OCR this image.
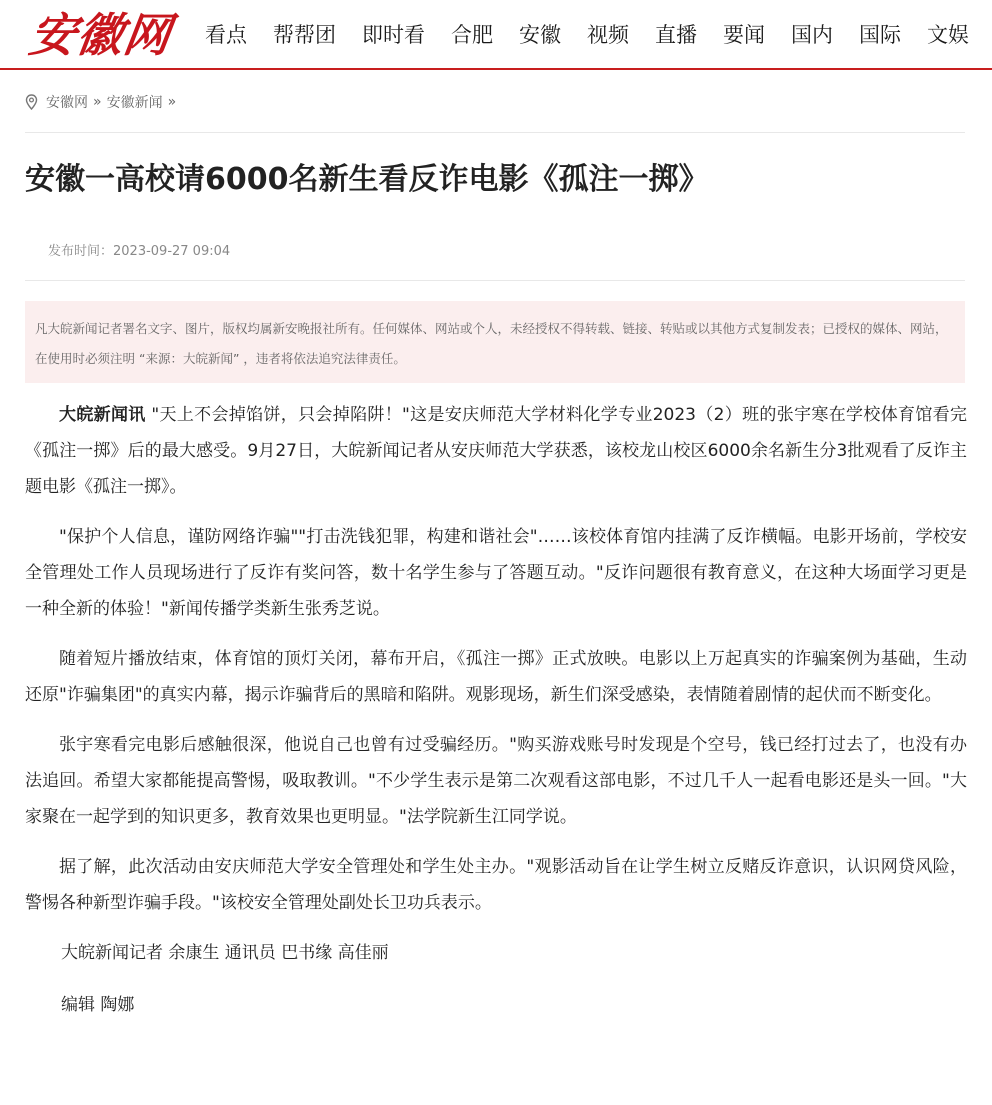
安徽网	看点	帮帮团	即时看	合肥	安徽	视频	直播	要闻	国内	国际	文娱
安徽网 » 安徽新闻 »
安徽一高校请6000名新生看反诈电影《孤注一掷》
发布时间：2023-09-27 09:04
凡大皖新闻记者署名文字、图片，版权均属新安晚报社所有。任何媒体、网站或个人，未经授权不得转载、链接、转贴或以其他方式复制发表；已授权的媒体、网站，在使用时必须注明 “来源：大皖新闻” ，违者将依法追究法律责任。

大皖新闻讯 "天上不会掉馅饼，只会掉陷阱！"这是安庆师范大学材料化学专业2023（2）班的张宇寒在学校体育馆看完《孤注一掷》后的最大感受。9月27日，大皖新闻记者从安庆师范大学获悉，该校龙山校区6000余名新生分3批观看了反诈主题电影《孤注一掷》。

"保护个人信息，谨防网络诈骗""打击洗钱犯罪，构建和谐社会"……该校体育馆内挂满了反诈横幅。电影开场前，学校安全管理处工作人员现场进行了反诈有奖问答，数十名学生参与了答题互动。"反诈问题很有教育意义，在这种大场面学习更是一种全新的体验！"新闻传播学类新生张秀芝说。

随着短片播放结束，体育馆的顶灯关闭，幕布开启，《孤注一掷》正式放映。电影以上万起真实的诈骗案例为基础，生动还原"诈骗集团"的真实内幕，揭示诈骗背后的黑暗和陷阱。观影现场，新生们深受感染，表情随着剧情的起伏而不断变化。

张宇寒看完电影后感触很深，他说自己也曾有过受骗经历。"购买游戏账号时发现是个空号，钱已经打过去了，也没有办法追回。希望大家都能提高警惕，吸取教训。"不少学生表示是第二次观看这部电影，不过几千人一起看电影还是头一回。"大家聚在一起学到的知识更多，教育效果也更明显。"法学院新生江同学说。

据了解，此次活动由安庆师范大学安全管理处和学生处主办。"观影活动旨在让学生树立反赌反诈意识，认识网贷风险，警惕各种新型诈骗手段。"该校安全管理处副处长卫功兵表示。

大皖新闻记者 余康生 通讯员 巴书缘 高佳丽

编辑 陶娜
